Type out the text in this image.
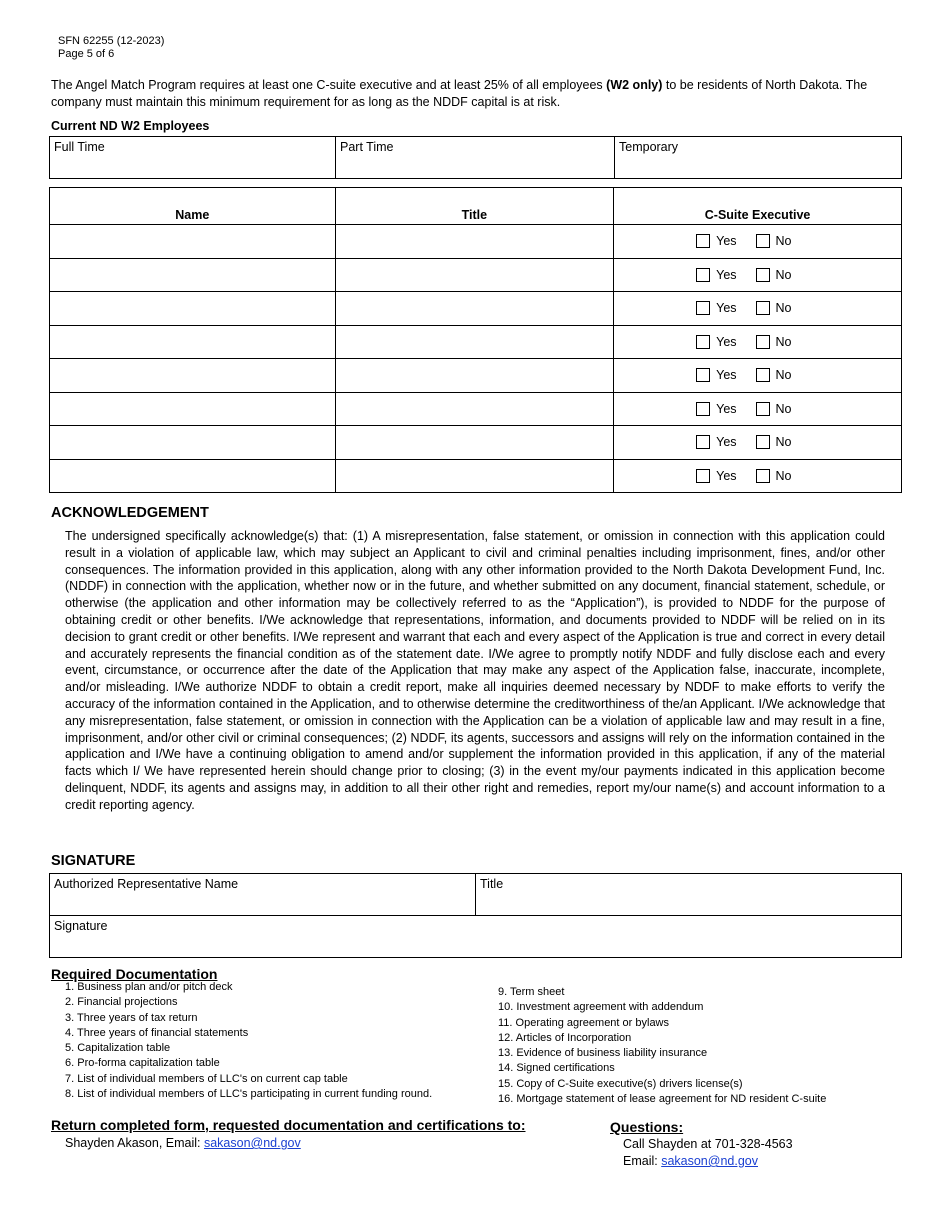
SFN 62255 (12-2023)
Page 5 of 6
The Angel Match Program requires at least one C-suite executive and at least 25% of all employees (W2 only) to be residents of North Dakota. The company must maintain this minimum requirement for as long as the NDDF capital is at risk.
Current ND W2 Employees
Full Time	Part Time	Temporary
Name	Title	C-Suite Executive

		Yes No

		Yes No

		Yes No

		Yes No

		Yes No

		Yes No

		Yes No

		Yes No
ACKNOWLEDGEMENT
The undersigned specifically acknowledge(s) that: (1) A misrepresentation, false statement, or omission in connection with this application could result in a violation of applicable law, which may subject an Applicant to civil and criminal penalties including imprisonment, fines, and/or other consequences. The information provided in this application, along with any other information provided to the North Dakota Development Fund, Inc. (NDDF) in connection with the application, whether now or in the future, and whether submitted on any document, financial statement, schedule, or otherwise (the application and other information may be collectively referred to as the “Application”), is provided to NDDF for the purpose of obtaining credit or other benefits. I/We acknowledge that representations, information, and documents provided to NDDF will be relied on in its decision to grant credit or other benefits. I/We represent and warrant that each and every aspect of the Application is true and correct in every detail and accurately represents the financial condition as of the statement date. I/We agree to promptly notify NDDF and fully disclose each and every event, circumstance, or occurrence after the date of the Application that may make any aspect of the Application false, inaccurate, incomplete, and/or misleading. I/We authorize NDDF to obtain a credit report, make all inquiries deemed necessary by NDDF to make efforts to verify the accuracy of the information contained in the Application, and to otherwise determine the creditworthiness of the/an Applicant. I/We acknowledge that any misrepresentation, false statement, or omission in connection with the Application can be a violation of applicable law and may result in a fine, imprisonment, and/or other civil or criminal consequences; (2) NDDF, its agents, successors and assigns will rely on the information contained in the application and I/We have a continuing obligation to amend and/or supplement the information provided in this application, if any of the material facts which I/ We have represented herein should change prior to closing; (3) in the event my/our payments indicated in this application become delinquent, NDDF, its agents and assigns may, in addition to all their other right and remedies, report my/our name(s) and account information to a credit reporting agency.
SIGNATURE
Authorized Representative Name	Title
Signature
Required Documentation
1. Business plan and/or pitch deck
2. Financial projections
3. Three years of tax return
4. Three years of financial statements
5. Capitalization table
6. Pro-forma capitalization table
7. List of individual members of LLC's on current cap table
8. List of individual members of LLC's participating in current funding round.
9. Term sheet
10. Investment agreement with addendum
11. Operating agreement or bylaws
12. Articles of Incorporation
13. Evidence of business liability insurance
14. Signed certifications
15. Copy of C-Suite executive(s) drivers license(s)
16. Mortgage statement of lease agreement for ND resident C-suite
Return completed form, requested documentation and certifications to:
Shayden Akason, Email: sakason@nd.gov
Questions:
Call Shayden at 701-328-4563
Email: sakason@nd.gov
